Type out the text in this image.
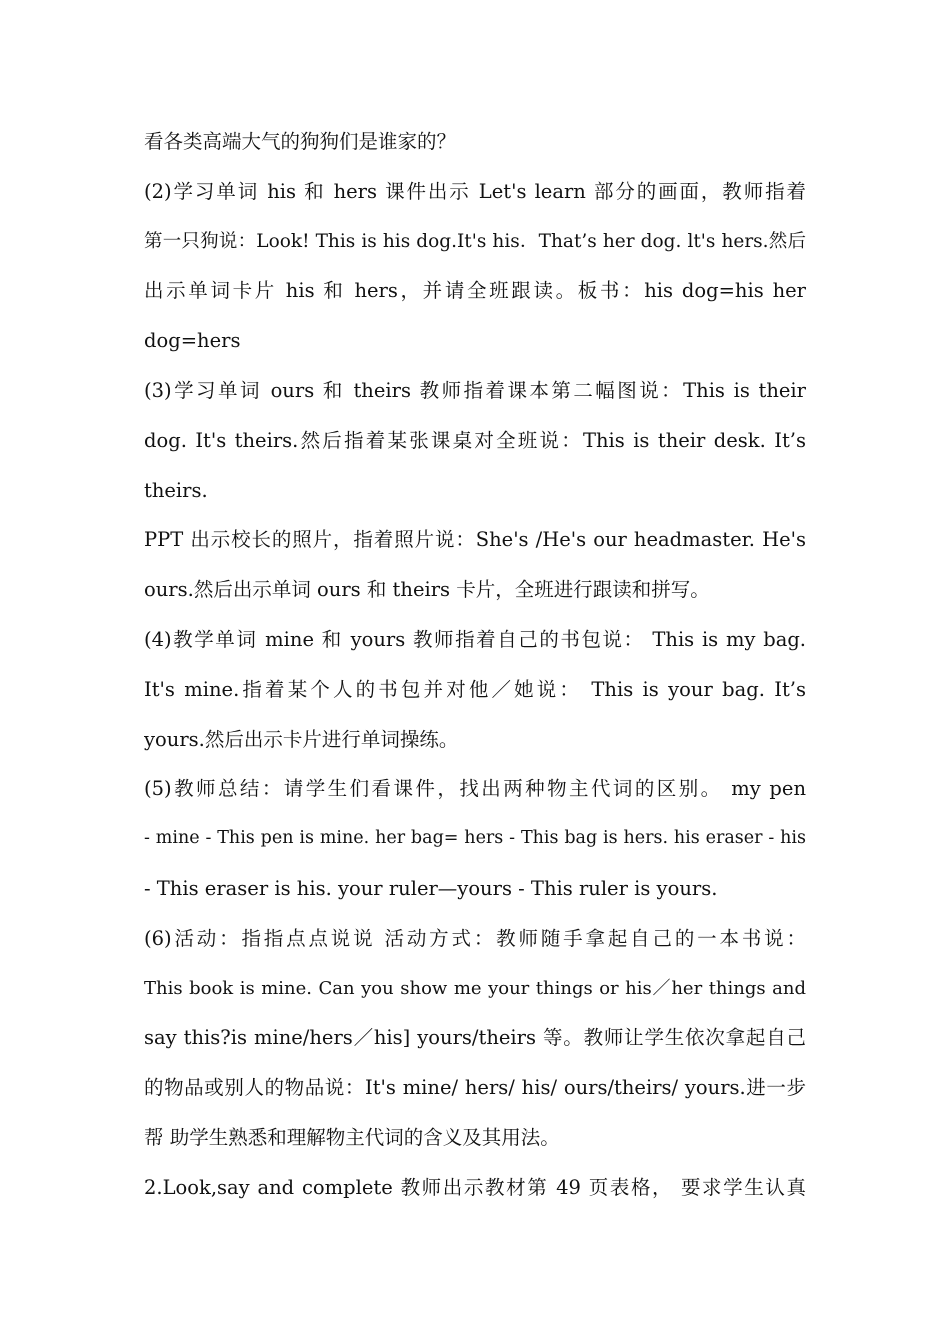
看各类高端大气的狗狗们是谁家的？
(2)学习单词 his 和 hers 课件出示 Let's learn 部分的画面，教师指着
第一只狗说：Look! This is his dog.It's his．That’s her dog. lt's hers.然后
出示单词卡片 his 和 hers，并请全班跟读。板书：his dog=his her
dog=hers
(3)学习单词 ours 和 theirs 教师指着课本第二幅图说：This is their
dog. It's theirs.然后指着某张课桌对全班说：This is their desk. It’s
theirs.
PPT 出示校长的照片，指着照片说：She's /He's our headmaster. He's
ours.然后出示单词 ours 和 theirs 卡片，全班进行跟读和拼写。
(4)教学单词 mine 和 yours 教师指着自己的书包说： This is my bag.
It's mine.指着某个人的书包并对他／她说： This is your bag. It’s
yours.然后出示卡片进行单词操练。
(5)教师总结：请学生们看课件，找出两种物主代词的区别。 my pen
- mine - This pen is mine. her bag= hers - This bag is hers. his eraser - his
- This eraser is his. your ruler—yours - This ruler is yours.
(6)活动：指指点点说说 活动方式：教师随手拿起自己的一本书说：
This book is mine. Can you show me your things or his／her things and
say this?is mine/hers／his] yours/theirs 等。教师让学生依次拿起自己
的物品或别人的物品说：It's mine/ hers/ his/ ours/theirs/ yours.进一步
帮 助学生熟悉和理解物主代词的含义及其用法。
2.Look,say and complete 教师出示教材第 49 页表格， 要求学生认真
